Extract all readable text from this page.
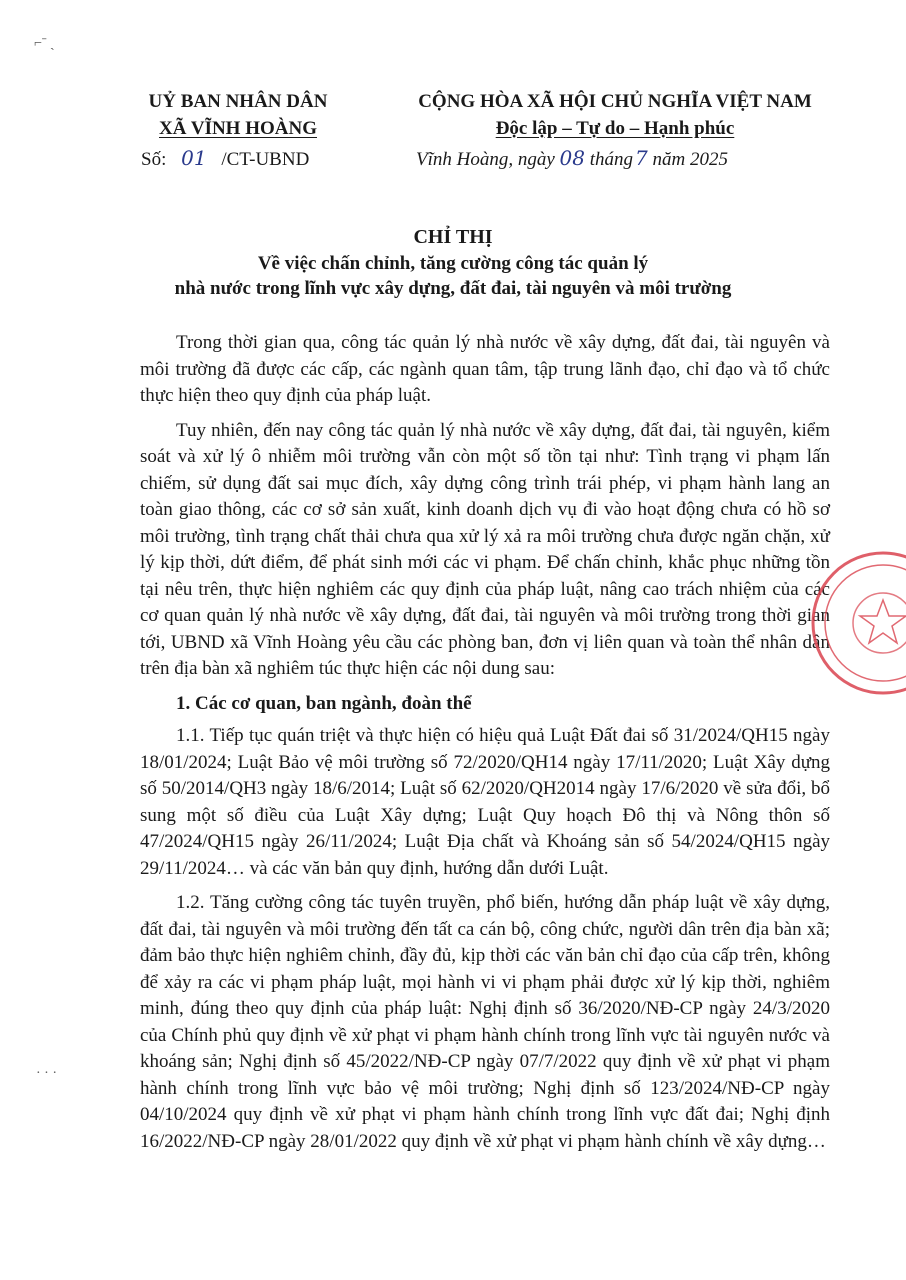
UỶ BAN NHÂN DÂN
XÃ VĨNH HOÀNG
CỘNG HÒA XÃ HỘI CHỦ NGHĨA VIỆT NAM
Độc lập – Tự do – Hạnh phúc
Số: 01 /CT-UBND	Vĩnh Hoàng, ngày 08 tháng 7 năm 2025
CHỈ THỊ
Về việc chấn chỉnh, tăng cường công tác quản lý
nhà nước trong lĩnh vực xây dựng, đất đai, tài nguyên và môi trường

Trong thời gian qua, công tác quản lý nhà nước về xây dựng, đất đai, tài nguyên và môi trường đã được các cấp, các ngành quan tâm, tập trung lãnh đạo, chỉ đạo và tổ chức thực hiện theo quy định của pháp luật.

Tuy nhiên, đến nay công tác quản lý nhà nước về xây dựng, đất đai, tài nguyên, kiểm soát và xử lý ô nhiễm môi trường vẫn còn một số tồn tại như: Tình trạng vi phạm lấn chiếm, sử dụng đất sai mục đích, xây dựng công trình trái phép, vi phạm hành lang an toàn giao thông, các cơ sở sản xuất, kinh doanh dịch vụ đi vào hoạt động chưa có hồ sơ môi trường, tình trạng chất thải chưa qua xử lý xả ra môi trường chưa được ngăn chặn, xử lý kịp thời, dứt điểm, để phát sinh mới các vi phạm. Để chấn chỉnh, khắc phục những tồn tại nêu trên, thực hiện nghiêm các quy định của pháp luật, nâng cao trách nhiệm của các cơ quan quản lý nhà nước về xây dựng, đất đai, tài nguyên và môi trường trong thời gian tới, UBND xã Vĩnh Hoàng yêu cầu các phòng ban, đơn vị liên quan và toàn thể nhân dân trên địa bàn xã nghiêm túc thực hiện các nội dung sau:

1. Các cơ quan, ban ngành, đoàn thể

1.1. Tiếp tục quán triệt và thực hiện có hiệu quả Luật Đất đai số 31/2024/QH15 ngày 18/01/2024; Luật Bảo vệ môi trường số 72/2020/QH14 ngày 17/11/2020; Luật Xây dựng số 50/2014/QH3 ngày 18/6/2014; Luật số 62/2020/QH2014 ngày 17/6/2020 về sửa đổi, bổ sung một số điều của Luật Xây dựng; Luật Quy hoạch Đô thị và Nông thôn số 47/2024/QH15 ngày 26/11/2024; Luật Địa chất và Khoáng sản số 54/2024/QH15 ngày 29/11/2024… và các văn bản quy định, hướng dẫn dưới Luật.

1.2. Tăng cường công tác tuyên truyền, phổ biến, hướng dẫn pháp luật về xây dựng, đất đai, tài nguyên và môi trường đến tất ca cán bộ, công chức, người dân trên địa bàn xã; đảm bảo thực hiện nghiêm chỉnh, đầy đủ, kịp thời các văn bản chỉ đạo của cấp trên, không để xảy ra các vi phạm pháp luật, mọi hành vi vi phạm phải được xử lý kịp thời, nghiêm minh, đúng theo quy định của pháp luật: Nghị định số 36/2020/NĐ-CP ngày 24/3/2020 của Chính phủ quy định về xử phạt vi phạm hành chính trong lĩnh vực tài nguyên nước và khoáng sản; Nghị định số 45/2022/NĐ-CP ngày 07/7/2022 quy định về xử phạt vi phạm hành chính trong lĩnh vực bảo vệ môi trường; Nghị định số 123/2024/NĐ-CP ngày 04/10/2024 quy định về xử phạt vi phạm hành chính trong lĩnh vực đất đai; Nghị định 16/2022/NĐ-CP ngày 28/01/2022 quy định về xử phạt vi phạm hành chính về xây dựng…

⌐ˉ ˎ
· · ·
